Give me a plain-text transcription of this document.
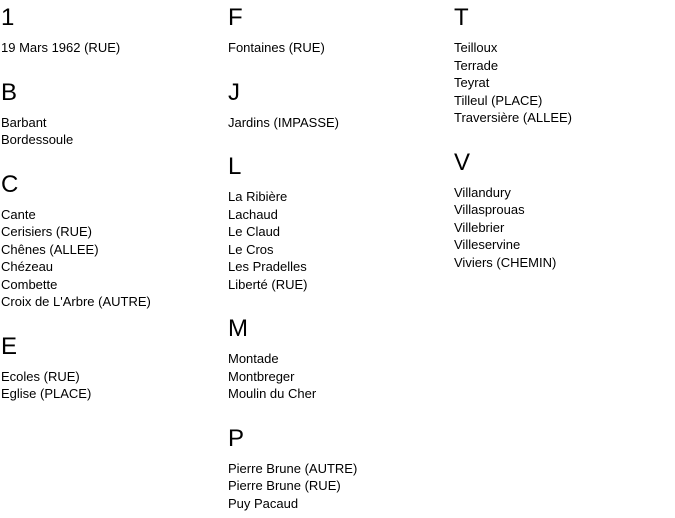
1
19 Mars 1962 (RUE)
B
Barbant
Bordessoule
C
Cante
Cerisiers (RUE)
Chênes (ALLEE)
Chézeau
Combette
Croix de L'Arbre (AUTRE)
E
Ecoles (RUE)
Eglise (PLACE)
F
Fontaines (RUE)
J
Jardins (IMPASSE)
L
La Ribière
Lachaud
Le Claud
Le Cros
Les Pradelles
Liberté (RUE)
M
Montade
Montbreger
Moulin du Cher
P
Pierre Brune (AUTRE)
Pierre Brune (RUE)
Puy Pacaud
T
Teilloux
Terrade
Teyrat
Tilleul (PLACE)
Traversière (ALLEE)
V
Villandury
Villasprouas
Villebrier
Villeservine
Viviers (CHEMIN)
